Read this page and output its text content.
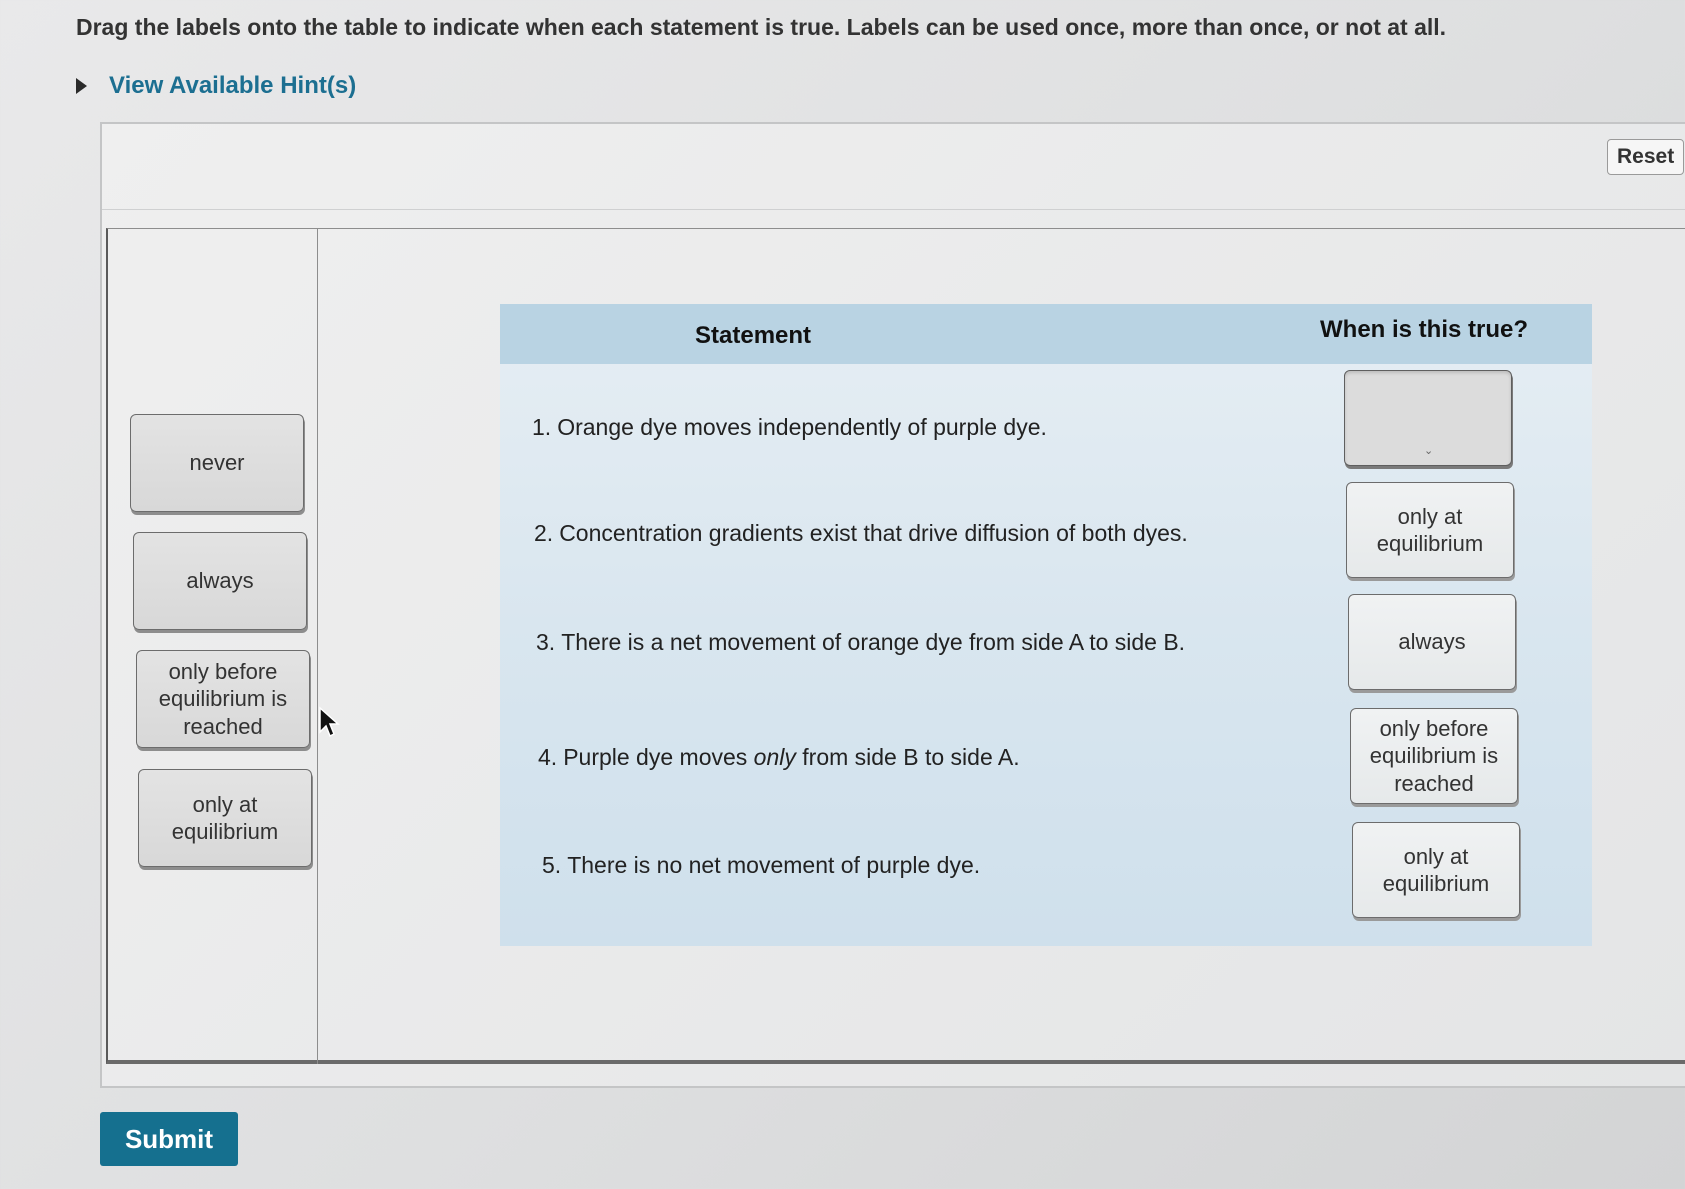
Drag the labels onto the table to indicate when each statement is true. Labels can be used once, more than once, or not at all.
View Available Hint(s)
Reset
never
always
only before equilibrium is reached
only at equilibrium
Statement	When is this true?
1. Orange dye moves independently of purple dye.
2. Concentration gradients exist that drive diffusion of both dyes.
3. There is a net movement of orange dye from side A to side B.
4. Purple dye moves only from side B to side A.
5. There is no net movement of purple dye.
⌄
only at equilibrium
always
only before equilibrium is reached
only at equilibrium
Submit
